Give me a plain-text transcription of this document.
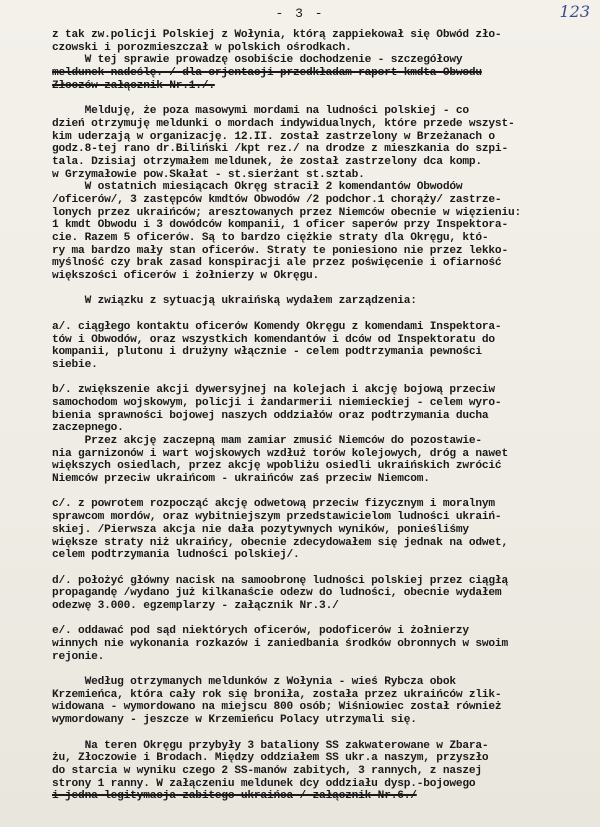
- 3 -	123
z tak zw.policji Polskiej z Wołynia, którą zappiekował się Obwód zło-
czowski i porozmieszczał w polskich ośrodkach.
W tej sprawie prowadzę osobiście dochodzenie - szczegółowy
meldunek nadeślę. / dla orjentacji przedkładam raport kmdta Obwodu
Złoczów załącznik Nr.1./.
Melduję, że poza masowymi mordami na ludności polskiej - co
dzień otrzymuję meldunki o mordach indywidualnych, które przede wszyst-
kim uderzają w organizację. 12.II. został zastrzelony w Brzeżanach o
godz.8-tej rano dr.Biliński /kpt rez./ na drodze z mieszkania do szpi-
tala. Dzisiaj otrzymałem meldunek, że został zastrzelony dca komp.
w Grzymałowie pow.Skałat - st.sierżant st.sztab.
W ostatnich miesiącach Okręg stracił 2 komendantów Obwodów
/oficerów/, 3 zastępców kmdtów Obwodów /2 podchor.1 chorąży/ zastrze-
lonych przez ukraińców; aresztowanych przez Niemców obecnie w więzieniu:
1 kmdt Obwodu i 3 dowódców kompanii, 1 oficer saperów przy Inspektora-
cie. Razem 5 oficerów. Są to bardzo ciężkie straty dla Okręgu, któ-
ry ma bardzo mały stan oficerów. Straty te poniesiono nie przez lekko-
myślność czy brak zasad konspiracji ale przez poświęcenie i ofiarność
większości oficerów i żołnierzy w Okręgu.
W związku z sytuacją ukraińską wydałem zarządzenia:
a/. ciągłego kontaktu oficerów Komendy Okręgu z komendami Inspektora-
tów i Obwodów, oraz wszystkich komendantów i dców od Inspektoratu do
kompanii, plutonu i drużyny włącznie - celem podtrzymania pewności
siebie.
b/. zwiększenie akcji dywersyjnej na kolejach i akcję bojową przeciw
samochodom wojskowym, policji i żandarmerii niemieckiej - celem wyro-
bienia sprawności bojowej naszych oddziałów oraz podtrzymania ducha
zaczepnego.
Przez akcję zaczepną mam zamiar zmusić Niemców do pozostawie-
nia garnizonów i wart wojskowych wzdłuż torów kolejowych, dróg a nawet
większych osiedlach, przez akcję wpobliżu osiedli ukraińskich zwrócić
Niemców przeciw ukraińcom - ukraińców zaś przeciw Niemcom.
c/. z powrotem rozpocząć akcję odwetową przeciw fizycznym i moralnym
sprawcom mordów, oraz wybitniejszym przedstawicielom ludności ukraiń-
skiej. /Pierwsza akcja nie dała pozytywnych wyników, ponieśliśmy
większe straty niż ukraińcy, obecnie zdecydowałem się jednak na odwet,
celem podtrzymania ludności polskiej/.
d/. położyć główny nacisk na samoobronę ludności polskiej przez ciągłą
propagandę /wydano już kilkanaście odezw do ludności, obecnie wydałem
odezwę 3.000. egzemplarzy - załącznik Nr.3./
e/. oddawać pod sąd niektórych oficerów, podoficerów i żołnierzy
winnych nie wykonania rozkazów i zaniedbania środków obronnych w swoim
rejonie.
Według otrzymanych meldunków z Wołynia - wieś Rybcza obok
Krzemieńca, która cały rok się broniła, została przez ukraińców zlik-
widowana - wymordowano na miejscu 800 osób; Wiśniowiec został również
wymordowany - jeszcze w Krzemieńcu Polacy utrzymali się.
Na teren Okręgu przybyły 3 bataliony SS zakwaterowane w Zbara-
żu, Złoczowie i Brodach. Między oddziałem SS ukr.a naszym, przyszło
do starcia w wyniku czego 2 SS-manów zabitych, 3 rannych, z naszej
strony 1 ranny. W załączeniu meldunek dcy oddziału dysp.-bojowego
i jedna legitymacja zabitego ukraińca / załącznik Nr.6./
